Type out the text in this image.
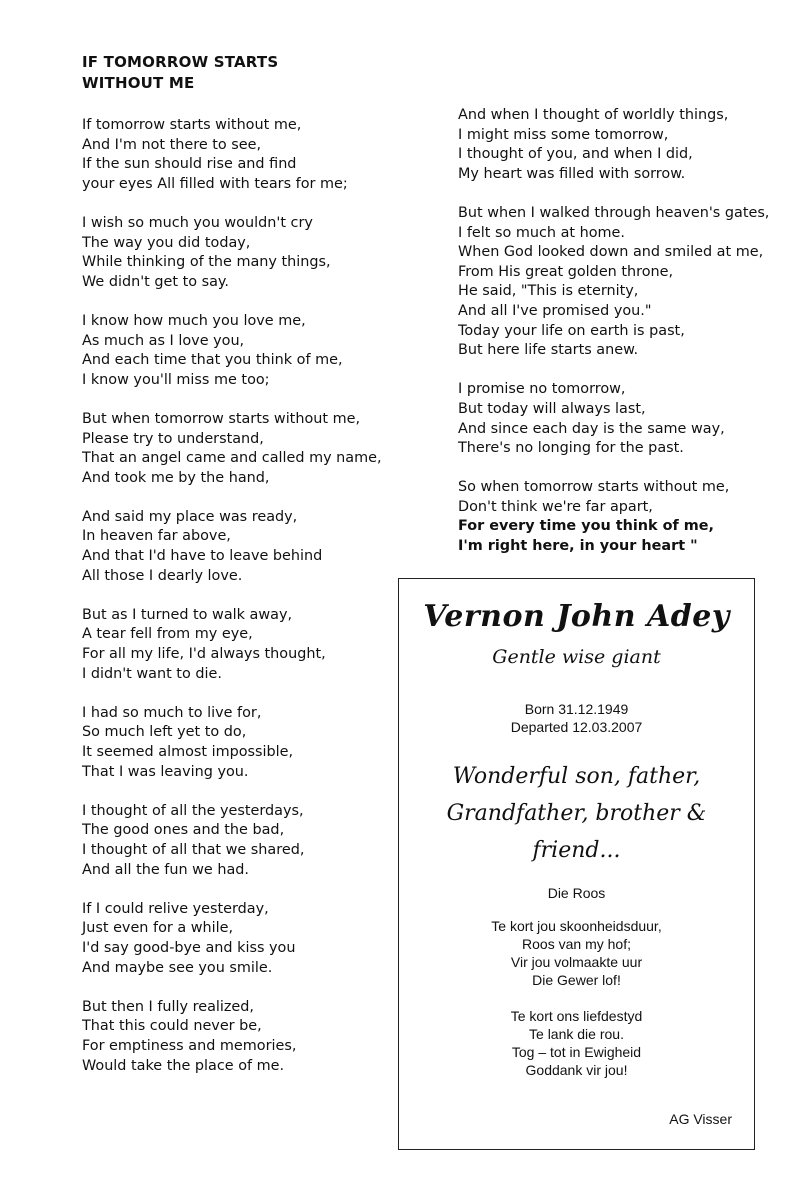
IF TOMORROW STARTS
WITHOUT ME
If tomorrow starts without me,
And I'm not there to see,
If the sun should rise and find
your eyes All filled with tears for me;
I wish so much you wouldn't cry
The way you did today,
While thinking of the many things,
We didn't get to say.
I know how much you love me,
As much as I love you,
And each time that you think of me,
I know you'll miss me too;
But when tomorrow starts without me,
Please try to understand,
That an angel came and called my name,
And took me by the hand,
And said my place was ready,
In heaven far above,
And that I'd have to leave behind
All those I dearly love.
But as I turned to walk away,
A tear fell from my eye,
For all my life, I'd always thought,
I didn't want to die.
I had so much to live for,
So much left yet to do,
It seemed almost impossible,
That I was leaving you.
I thought of all the yesterdays,
The good ones and the bad,
I thought of all that we shared,
And all the fun we had.
If I could relive yesterday,
Just even for a while,
I'd say good-bye and kiss you
And maybe see you smile.
But then I fully realized,
That this could never be,
For emptiness and memories,
Would take the place of me.
And when I thought of worldly things,
I might miss some tomorrow,
I thought of you, and when I did,
My heart was filled with sorrow.
But when I walked through heaven's gates,
I felt so much at home.
When God looked down and smiled at me,
From His great golden throne,
He said, "This is eternity,
And all I've promised you."
Today your life on earth is past,
But here life starts anew.
I promise no tomorrow,
But today will always last,
And since each day is the same way,
There's no longing for the past.
So when tomorrow starts without me,
Don't think we're far apart,
For every time you think of me,
I'm right here, in your heart "
Vernon John Adey
Gentle wise giant
Born 31.12.1949
Departed 12.03.2007
Wonderful son, father,
Grandfather, brother &
friend...
Die Roos
Te kort jou skoonheidsduur,
Roos van my hof;
Vir jou volmaakte uur
Die Gewer lof!
Te kort ons liefdestyd
Te lank die rou.
Tog – tot in Ewigheid
Goddank vir jou!
AG Visser
